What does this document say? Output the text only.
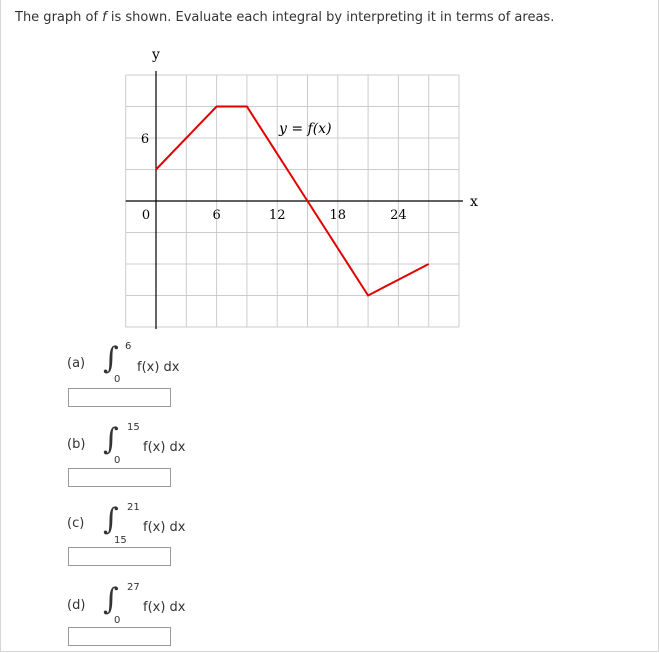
The graph of f is shown. Evaluate each integral by interpreting it in terms of areas.
0	6	12	18	24
6
y
x
y = f(x)
(a) ∫ 6
0
f(x) dx
(b) ∫ 15
0
f(x) dx
(c) ∫ 21
15
f(x) dx
(d) ∫ 27
0
f(x) dx
